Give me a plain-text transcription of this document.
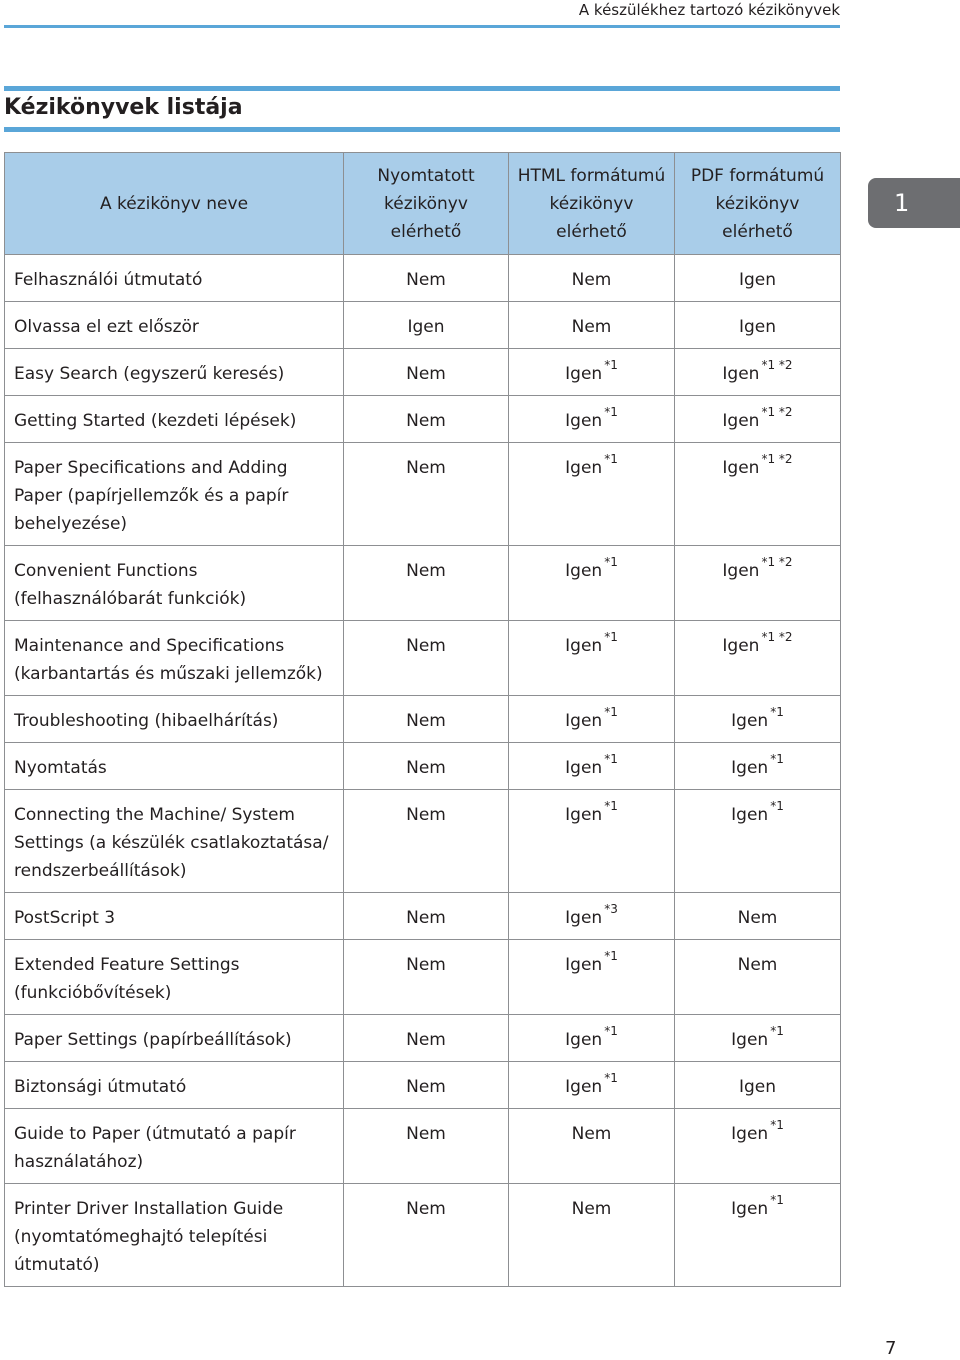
A készülékhez tartozó kézikönyvek
Kézikönyvek listája
1
A kézikönyv neve	Nyomtatott kézikönyv elérhető	HTML formátumú kézikönyv elérhető	PDF formátumú kézikönyv elérhető
Felhasználói útmutató	Nem	Nem	Igen
Olvassa el ezt először	Igen	Nem	Igen
Easy Search (egyszerű keresés)	Nem	Igen $^{*1}$	Igen $^{*1 *2}$
Getting Started (kezdeti lépések)	Nem	Igen $^{*1}$	Igen $^{*1 *2}$
Paper Specifications and Adding Paper (papírjellemzők és a papír behelyezése)	Nem	Igen $^{*1}$	Igen $^{*1 *2}$
Convenient Functions (felhasználóbarát funkciók)	Nem	Igen $^{*1}$	Igen $^{*1 *2}$
Maintenance and Specifications (karbantartás és műszaki jellemzők)	Nem	Igen $^{*1}$	Igen $^{*1 *2}$
Troubleshooting (hibaelhárítás)	Nem	Igen $^{*1}$	Igen $^{*1}$
Nyomtatás	Nem	Igen $^{*1}$	Igen $^{*1}$
Connecting the Machine/ System Settings (a készülék csatlakoztatása/ rendszerbeállítások)	Nem	Igen $^{*1}$	Igen $^{*1}$
PostScript 3	Nem	Igen $^{*3}$	Nem
Extended Feature Settings (funkcióbővítések)	Nem	Igen $^{*1}$	Nem
Paper Settings (papírbeállítások)	Nem	Igen $^{*1}$	Igen $^{*1}$
Biztonsági útmutató	Nem	Igen $^{*1}$	Igen
Guide to Paper (útmutató a papír használatához)	Nem	Nem	Igen $^{*1}$
Printer Driver Installation Guide (nyomtatómeghajtó telepítési útmutató)	Nem	Nem	Igen $^{*1}$
7
